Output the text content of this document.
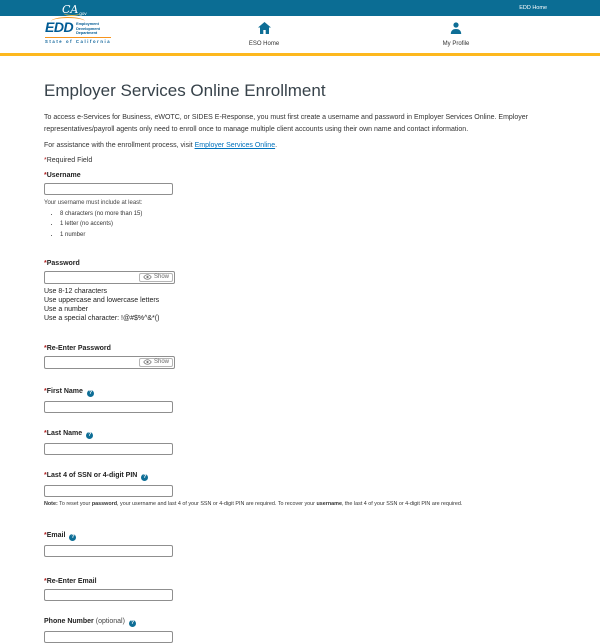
CAgov
EDD Home
EDD Employment
Development
Department
State of California	ESO Home	My Profile
Employer Services Online Enrollment

To access e-Services for Business, eWOTC, or SIDES E-Response, you must first create a username and password in Employer Services Online. Employer representatives/payroll agents only need to enroll once to manage multiple client accounts using their own name and contact information.

For assistance with the enrollment process, visit Employer Services Online.

*Required Field
*Username
Your username must include at least:
• 8 characters (no more than 15)
• 1 letter (no accents)
• 1 number
*Password
Show
Use 8-12 characters
Use uppercase and lowercase letters
Use a number
Use a special character: !@#$%^&*()
*Re-Enter Password
Show
*First Name ?
*Last Name ?
*Last 4 of SSN or 4-digit PIN ?
Note: To reset your password, your username and last 4 of your SSN or 4-digit PIN are required. To recover your username, the last 4 of your SSN or 4-digit PIN are required.
*Email ?
*Re-Enter Email
Phone Number (optional) ?
